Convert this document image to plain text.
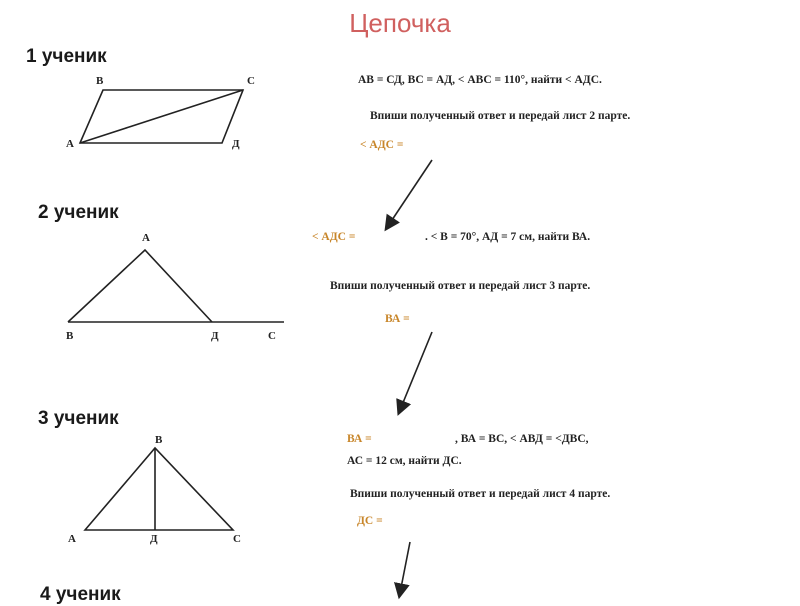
Цепочка
1 ученик
В	С
А	Д
АВ = СД, ВС = АД, < АВС = 110°, найти < АДС.
Впиши полученный ответ и передай лист 2 парте.
< АДС =
2 ученик
А
В	Д	С
< АДС =	. < В = 70°, АД = 7 см, найти ВА.
Впиши полученный ответ и передай лист 3 парте.
ВА =
3 ученик
В
А	Д	С
ВА =	, ВА = ВС, < АВД = <ДВС,
АС = 12 см, найти ДС.
Впиши полученный ответ и передай лист 4 парте.
ДС =
4 ученик
